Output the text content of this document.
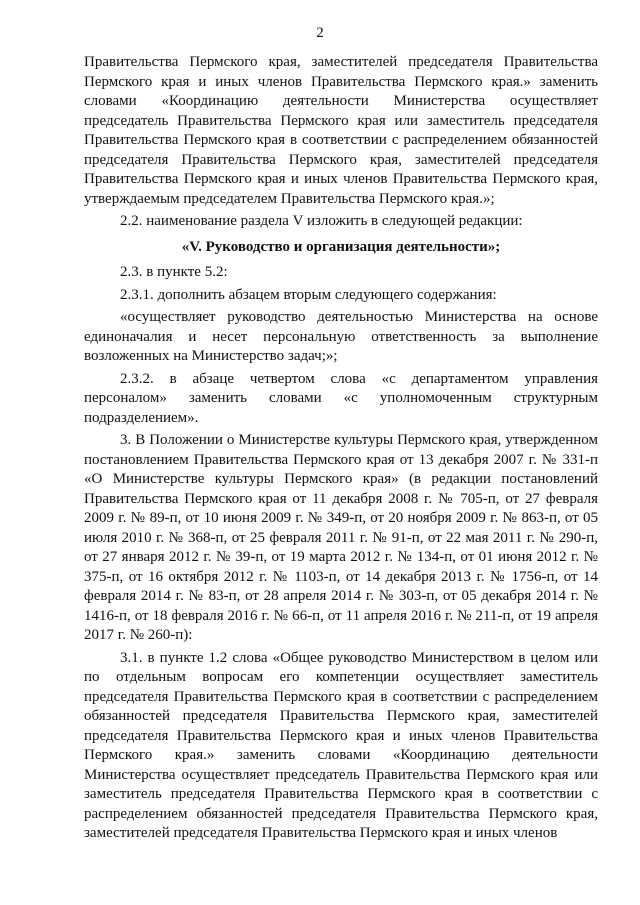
2

Правительства Пермского края, заместителей председателя Правительства Пермского края и иных членов Правительства Пермского края.» заменить словами «Координацию деятельности Министерства осуществляет председатель Правительства Пермского края или заместитель председателя Правительства Пермского края в соответствии с распределением обязанностей председателя Правительства Пермского края, заместителей председателя Правительства Пермского края и иных членов Правительства Пермского края, утверждаемым председателем Правительства Пермского края.»;

2.2. наименование раздела V изложить в следующей редакции:

«V. Руководство и организация деятельности»;

2.3. в пункте 5.2:

2.3.1. дополнить абзацем вторым следующего содержания:

«осуществляет руководство деятельностью Министерства на основе единоначалия и несет персональную ответственность за выполнение возложенных на Министерство задач;»;

2.3.2. в абзаце четвертом слова «с департаментом управления персоналом» заменить словами «с уполномоченным структурным подразделением».

3. В Положении о Министерстве культуры Пермского края, утвержденном постановлением Правительства Пермского края от 13 декабря 2007 г. № 331-п «О Министерстве культуры Пермского края» (в редакции постановлений Правительства Пермского края от 11 декабря 2008 г. № 705-п, от 27 февраля 2009 г. № 89-п, от 10 июня 2009 г. № 349-п, от 20 ноября 2009 г. № 863-п, от 05 июля 2010 г. № 368-п, от 25 февраля 2011 г. № 91-п, от 22 мая 2011 г. № 290-п, от 27 января 2012 г. № 39-п, от 19 марта 2012 г. № 134-п, от 01 июня 2012 г. № 375-п, от 16 октября 2012 г. № 1103-п, от 14 декабря 2013 г. № 1756-п, от 14 февраля 2014 г. № 83-п, от 28 апреля 2014 г. № 303-п, от 05 декабря 2014 г. № 1416-п, от 18 февраля 2016 г. № 66-п, от 11 апреля 2016 г. № 211-п, от 19 апреля 2017 г. № 260-п):

3.1. в пункте 1.2 слова «Общее руководство Министерством в целом или по отдельным вопросам его компетенции осуществляет заместитель председателя Правительства Пермского края в соответствии с распределением обязанностей председателя Правительства Пермского края, заместителей председателя Правительства Пермского края и иных членов Правительства Пермского края.» заменить словами «Координацию деятельности Министерства осуществляет председатель Правительства Пермского края или заместитель председателя Правительства Пермского края в соответствии с распределением обязанностей председателя Правительства Пермского края, заместителей председателя Правительства Пермского края и иных членов
